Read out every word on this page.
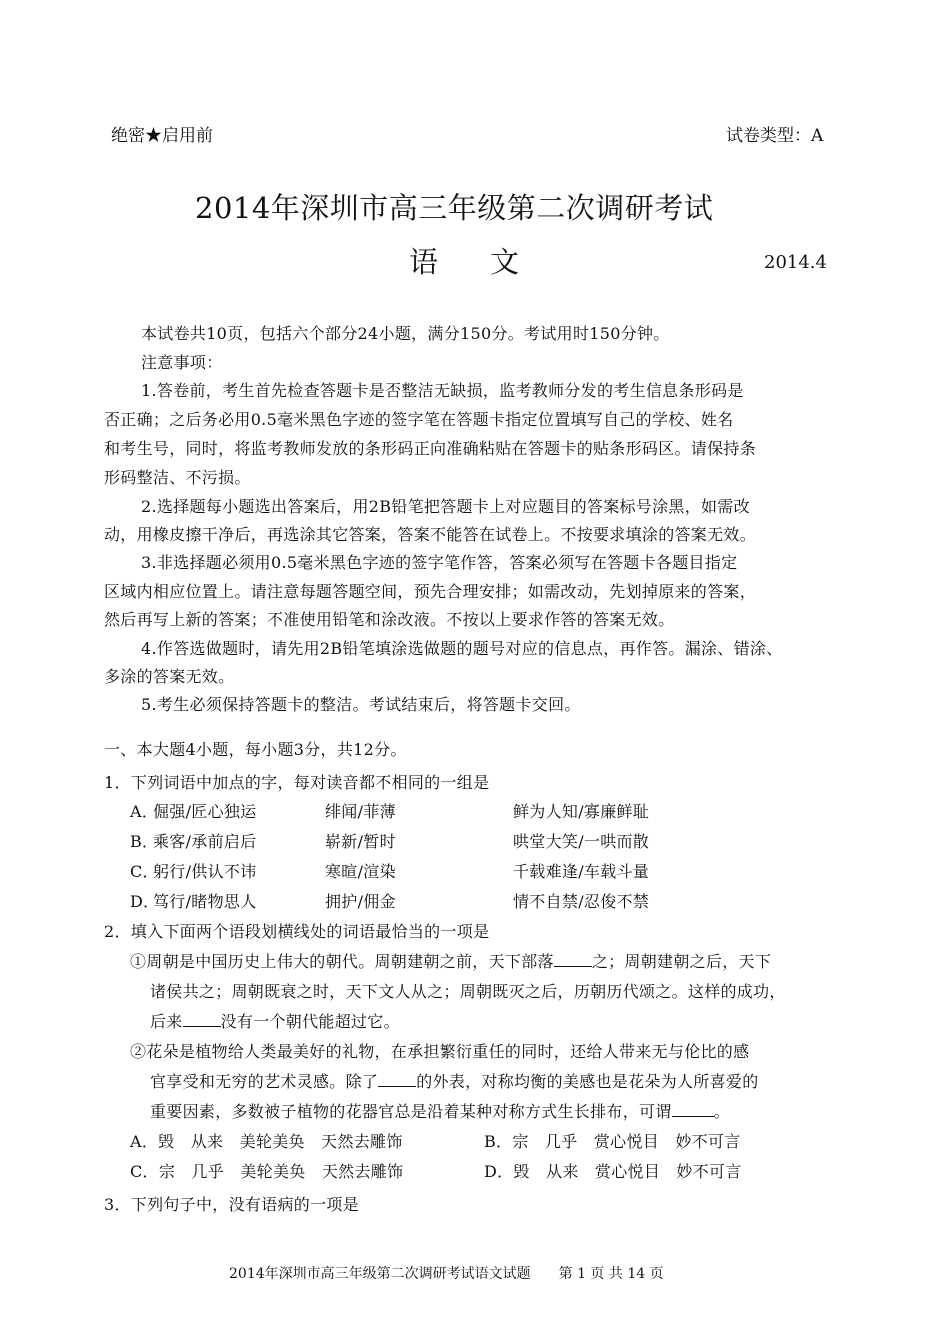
绝密★启用前	试卷类型：A
2014年深圳市高三年级第二次调研考试
语文	2014.4
本试卷共10页，包括六个部分24小题，满分150分。考试用时150分钟。
注意事项：
1.答卷前，考生首先检查答题卡是否整洁无缺损，监考教师分发的考生信息条形码是
否正确；之后务必用0.5毫米黑色字迹的签字笔在答题卡指定位置填写自己的学校、姓名
和考生号，同时，将监考教师发放的条形码正向准确粘贴在答题卡的贴条形码区。请保持条
形码整洁、不污损。
2.选择题每小题选出答案后，用2B铅笔把答题卡上对应题目的答案标号涂黑，如需改
动，用橡皮擦干净后，再选涂其它答案，答案不能答在试卷上。不按要求填涂的答案无效。
3.非选择题必须用0.5毫米黑色字迹的签字笔作答，答案必须写在答题卡各题目指定
区域内相应位置上。请注意每题答题空间，预先合理安排；如需改动，先划掉原来的答案，
然后再写上新的答案；不准使用铅笔和涂改液。不按以上要求作答的答案无效。
4.作答选做题时，请先用2B铅笔填涂选做题的题号对应的信息点，再作答。漏涂、错涂、
多涂的答案无效。
5.考生必须保持答题卡的整洁。考试结束后，将答题卡交回。
一、本大题4小题，每小题3分，共12分。
1．下列词语中加点的字，每对读音都不相同的一组是
A．
倔强/匠心独运	绯闻/菲薄	鲜为人知/寡廉鲜耻
B．
乘客/承前启后	崭新/暂时	哄堂大笑/一哄而散
C．
躬行/供认不讳	寒暄/渲染	千载难逢/车载斗量
D．
笃行/睹物思人	拥护/佣金	情不自禁/忍俊不禁
2．填入下面两个语段划横线处的词语最恰当的一项是
①周朝是中国历史上伟大的朝代。周朝建朝之前，天下部落 之；周朝建朝之后，天下
诸侯共之；周朝既衰之时，天下文人从之；周朝既灭之后，历朝历代颂之。这样的成功，
后来 没有一个朝代能超过它。
②花朵是植物给人类最美好的礼物，在承担繁衍重任的同时，还给人带来无与伦比的感
官享受和无穷的艺术灵感。除了 的外表，对称均衡的美感也是花朵为人所喜爱的
重要因素，多数被子植物的花器官总是沿着某种对称方式生长排布，可谓	。
A．毁　从来　美轮美奂　天然去雕饰	B．宗　几乎　赏心悦目　妙不可言
C．宗　几乎　美轮美奂　天然去雕饰	D．毁　从来　赏心悦目　妙不可言
3．下列句子中，没有语病的一项是
2014年深圳市高三年级第二次调研考试语文试题　　第 1 页 共 14 页
